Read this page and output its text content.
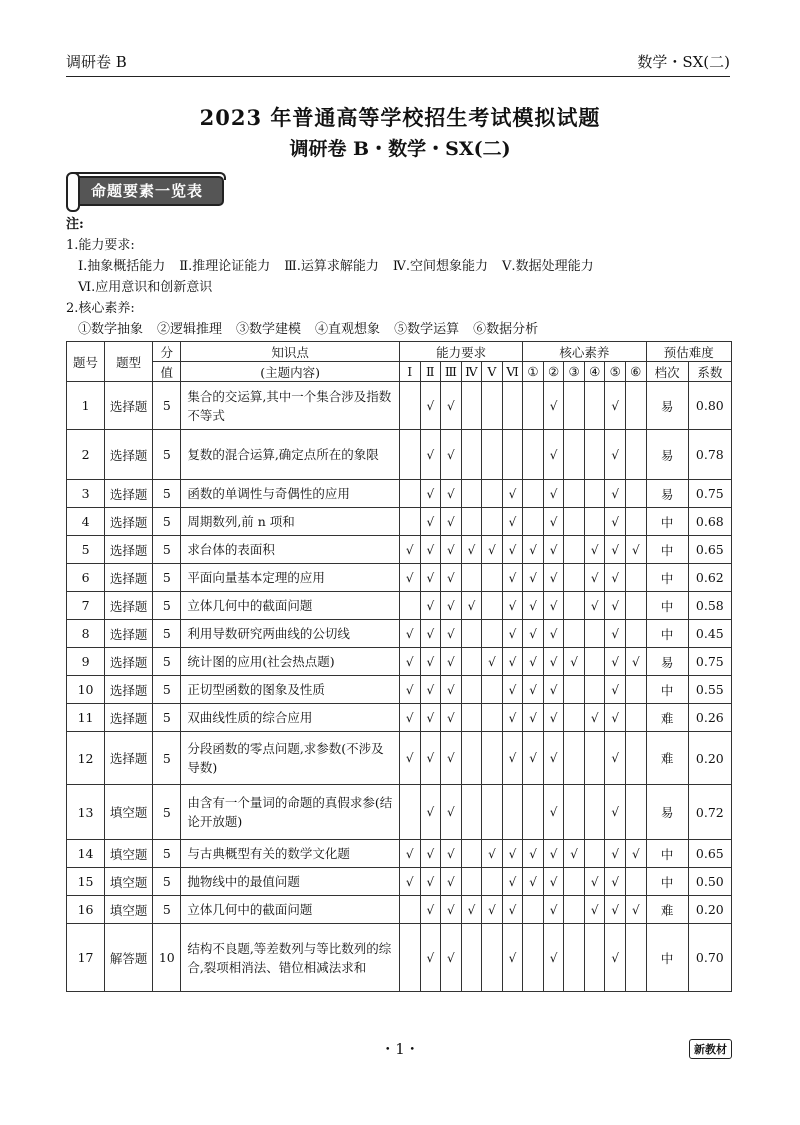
调研卷 B	数学・SX(二)
2023 年普通高等学校招生考试模拟试题
调研卷 B・数学・SX(二)
命题要素一览表
注:
1.能力要求:
Ⅰ.抽象概括能力 Ⅱ.推理论证能力 Ⅲ.运算求解能力 Ⅳ.空间想象能力 Ⅴ.数据处理能力
Ⅵ.应用意识和创新意识
2.核心素养:
①数学抽象 ②逻辑推理 ③数学建模 ④直观想象 ⑤数学运算 ⑥数据分析
题号	题型	分	知识点	能力要求						核心素养						预估难度	
		值	(主题内容)	Ⅰ	Ⅱ	Ⅲ	Ⅳ	Ⅴ	Ⅵ	①	②	③	④	⑤	⑥	档次	系数
1	选择题	5	集合的交运算,其中一个集合涉及指数不等式		√	√					√			√		易	0.80
2	选择题	5	复数的混合运算,确定点所在的象限		√	√					√			√		易	0.78
3	选择题	5	函数的单调性与奇偶性的应用		√	√			√		√			√		易	0.75
4	选择题	5	周期数列,前 n 项和		√	√			√		√			√		中	0.68
5	选择题	5	求台体的表面积	√	√	√	√	√	√	√	√		√	√	√	中	0.65
6	选择题	5	平面向量基本定理的应用	√	√	√			√	√	√		√	√		中	0.62
7	选择题	5	立体几何中的截面问题		√	√	√		√	√	√		√	√		中	0.58
8	选择题	5	利用导数研究两曲线的公切线	√	√	√			√	√	√			√		中	0.45
9	选择题	5	统计图的应用(社会热点题)	√	√	√		√	√	√	√	√		√	√	易	0.75
10	选择题	5	正切型函数的图象及性质	√	√	√			√	√	√			√		中	0.55
11	选择题	5	双曲线性质的综合应用	√	√	√			√	√	√		√	√		难	0.26
12	选择题	5	分段函数的零点问题,求参数(不涉及导数)	√	√	√			√	√	√			√		难	0.20
13	填空题	5	由含有一个量词的命题的真假求参(结论开放题)		√	√					√			√		易	0.72
14	填空题	5	与古典概型有关的数学文化题	√	√	√		√	√	√	√	√		√	√	中	0.65
15	填空题	5	抛物线中的最值问题	√	√	√			√	√	√		√	√		中	0.50
16	填空题	5	立体几何中的截面问题		√	√	√	√	√		√		√	√	√	难	0.20
17	解答题	10	结构不良题,等差数列与等比数列的综合,裂项相消法、错位相减法求和		√	√			√		√			√		中	0.70
・1・	新教材
